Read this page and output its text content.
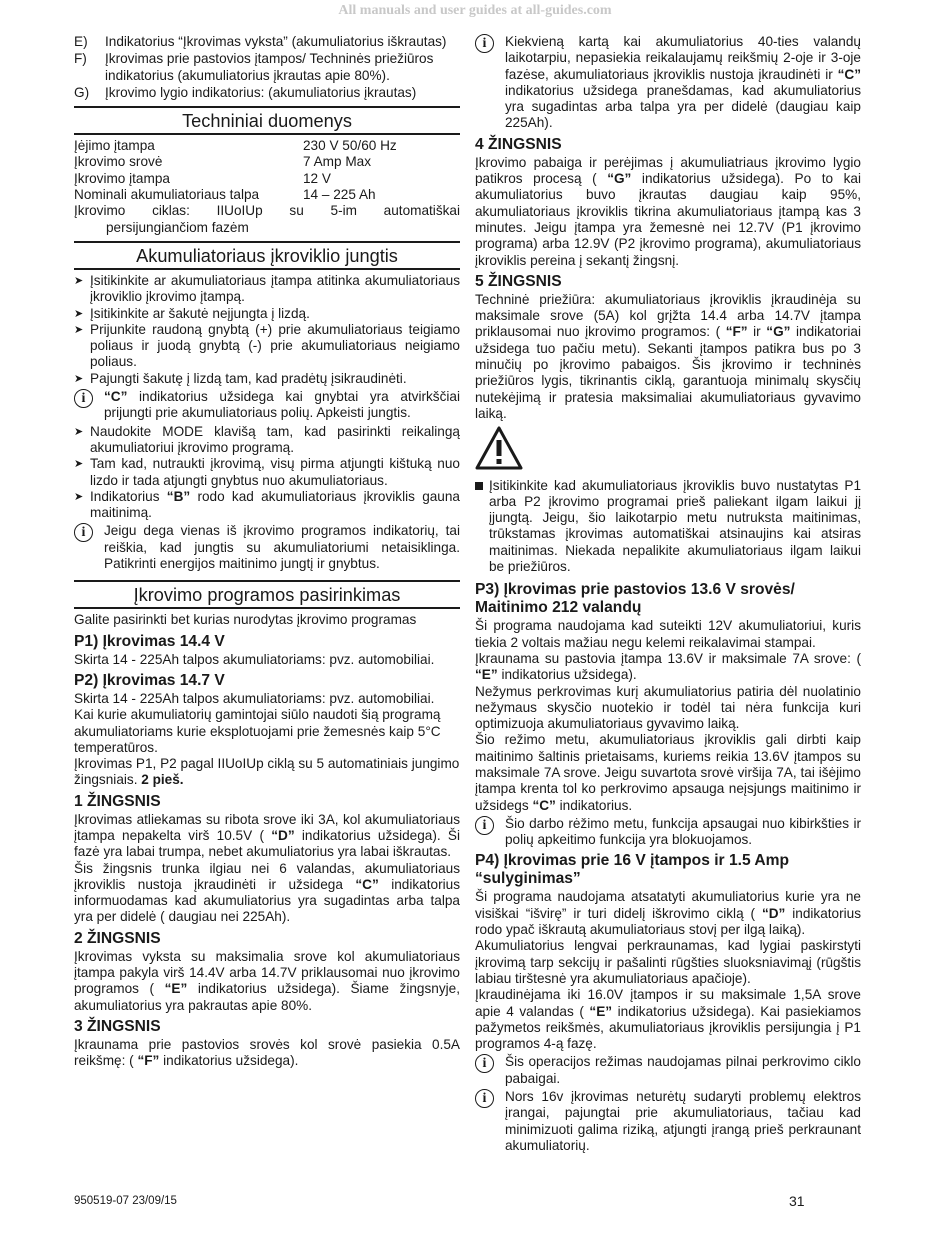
All manuals and user guides at all-guides.com
E)	Indikatorius “Įkrovimas vyksta” (akumuliatorius iškrautas)
F)	Įkrovimas prie pastovios įtampos/ Techninės priežiūros indikatorius (akumuliatorius įkrautas apie 80%).
G)	Įkrovimo lygio indikatorius: (akumuliatorius įkrautas)
Techniniai duomenys
Įėjimo įtampa	230 V 50/60 Hz
Įkrovimo srovė	7 Amp Max
Įkrovimo įtampa	12 V
Nominali akumuliatoriaus talpa	14 – 225 Ah

Įkrovimo ciklas: IIUoIUp su 5-im automatiškai

persijungiančiom fazėm

Akumuliatoriaus įkroviklio jungtis
➤ Įsitikinkite ar akumuliatoriaus įtampa atitinka akumuliatoriaus įkroviklio įkrovimo įtampą.
➤ Įsitikinkite ar šakutė neįjungta į lizdą.
➤ Prijunkite raudoną gnybtą (+) prie akumuliatoriaus teigiamo poliaus ir juodą gnybtą (-) prie akumuliatoriaus neigiamo poliaus.
➤ Pajungti šakutę į lizdą tam, kad pradėtų įsikraudinėti.
i	“C” indikatorius užsidega kai gnybtai yra atvirkščiai prijungti prie akumuliatoriaus polių. Apkeisti jungtis.
➤ Naudokite MODE klavišą tam, kad pasirinkti reikalingą akumuliatoriui įkrovimo programą.
➤ Tam kad, nutraukti įkrovimą, visų pirma atjungti kištuką nuo lizdo ir tada atjungti gnybtus nuo akumuliatoriaus.
➤ Indikatorius “B” rodo kad akumuliatoriaus įkroviklis gauna maitinimą.
i	Jeigu dega vienas iš įkrovimo programos indikatorių, tai reiškia, kad jungtis su akumuliatoriumi netaisiklinga. Patikrinti energijos maitinimo jungtį ir gnybtus.
Įkrovimo programos pasirinkimas

Galite pasirinkti bet kurias nurodytas įkrovimo programas

P1) Įkrovimas 14.4 V

Skirta 14 - 225Ah talpos akumuliatoriams: pvz. automobiliai.

P2) Įkrovimas 14.7 V

Skirta 14 - 225Ah talpos akumuliatoriams: pvz. automobiliai.

Kai kurie akumuliatorių gamintojai siūlo naudoti šią programą akumuliatoriams kurie eksplotuojami prie žemesnės kaip 5°C temperatūros.

Įkrovimas P1, P2 pagal IIUoIUp ciklą su 5 automatiniais jungimo žingsniais. 2 pieš.

1 ŽINGSNIS

Įkrovimas atliekamas su ribota srove iki 3A, kol akumuliatoriaus įtampa nepakelta virš 10.5V ( “D” indikatorius užsidega). Ši fazė yra labai trumpa, nebet akumuliatorius yra labai iškrautas.

Šis žingsnis trunka ilgiau nei 6 valandas, akumuliatoriaus įkroviklis nustoja įkraudinėti ir užsidega “C” indikatorius informuodamas kad akumuliatorius yra sugadintas arba talpa yra per didelė ( daugiau nei 225Ah).

2 ŽINGSNIS

Įkrovimas vyksta su maksimalia srove kol akumuliatoriaus įtampa pakyla virš 14.4V arba 14.7V priklausomai nuo įkrovimo programos ( “E” indikatorius užsidega). Šiame žingsnyje, akumuliatorius yra pakrautas apie 80%.

3 ŽINGSNIS

Įkraunama prie pastovios srovės kol srovė pasiekia 0.5A reikšmę: ( “F” indikatorius užsidega).

i	Kiekvieną kartą kai akumuliatorius 40-ties valandų laikotarpiu, nepasiekia reikalaujamų reikšmių 2-oje ir 3-oje fazėse, akumuliatoriaus įkroviklis nustoja įkraudinėti ir “C” indikatorius užsidega pranešdamas, kad akumuliatorius yra sugadintas arba talpa yra per didelė (daugiau kaip 225Ah).
4 ŽINGSNIS

Įkrovimo pabaiga ir perėjimas į akumuliatriaus įkrovimo lygio patikros procesą ( “G” indikatorius užsidega). Po to kai akumuliatorius buvo įkrautas daugiau kaip 95%, akumuliatoriaus įkroviklis tikrina akumuliatoriaus įtampą kas 3 minutes. Jeigu įtampa yra žemesnė nei 12.7V (P1 įkrovimo programa) arba 12.9V (P2 įkrovimo programa), akumuliatoriaus įkroviklis pereina į sekantį žingsnį.

5 ŽINGSNIS

Techninė priežiūra: akumuliatoriaus įkroviklis įkraudinėja su maksimale srove (5A) kol grįžta 14.4 arba 14.7V įtampa priklausomai nuo įkrovimo programos: ( “F” ir “G” indikatoriai užsidega tuo pačiu metu). Sekanti įtampos patikra bus po 3 minučių po įkrovimo pabaigos. Šis įkrovimo ir techninės priežiūros lygis, tikrinantis ciklą, garantuoja minimalų skysčių nutekėjimą ir pratesia maksimaliai akumuliatoriaus gyvavimo laiką.

Įsitikinkite kad akumuliatoriaus įkroviklis buvo nustatytas P1 arba P2 įkrovimo programai prieš paliekant ilgam laikui jį įjungtą. Jeigu, šio laikotarpio metu nutruksta maitinimas, trūkstamas įkrovimas automatiškai atsinaujins kai atsiras maitinimas. Niekada nepalikite akumuliatoriaus ilgam laikui be priežiūros.
P3) Įkrovimas prie pastovios 13.6 V srovės/ Maitinimo 212 valandų

Ši programa naudojama kad suteikti 12V akumuliatoriui, kuris tiekia 2 voltais mažiau negu kelemi reikalavimai stampai.

Įkraunama su pastovia įtampa 13.6V ir maksimale 7A srove: ( “E” indikatorius užsidega).

Nežymus perkrovimas kurį akumuliatorius patiria dėl nuolatinio nežymaus skysčio nuotekio ir todėl tai nėra funkcija kuri optimizuoja akumuliatoriaus gyvavimo laiką.

Šio režimo metu, akumuliatoriaus įkroviklis gali dirbti kaip maitinimo šaltinis prietaisams, kuriems reikia 13.6V įtampos su maksimale 7A srove. Jeigu suvartota srovė viršija 7A, tai išėjimo įtampa krenta tol ko perkrovimo apsauga neįsjungs maitinimo ir užsidegs “C” indikatorius.

i	Šio darbo rėžimo metu, funkcija apsaugai nuo kibirkšties ir polių apkeitimo funkcija yra blokuojamos.
P4) Įkrovimas prie 16 V įtampos ir 1.5 Amp “sulyginimas”

Ši programa naudojama atsatatyti akumuliatorius kurie yra ne visiškai “išvirę” ir turi didelį iškrovimo ciklą ( “D” indikatorius rodo ypač iškrautą akumuliatoriaus stovį per ilgą laiką).

Akumuliatorius lengvai perkraunamas, kad lygiai paskirstyti įkrovimą tarp sekcijų ir pašalinti rūgšties sluoksniavimąį (rūgštis labiau tirštesnė yra akumuliatoriaus apačioje).

Įkraudinėjama iki 16.0V įtampos ir su maksimale 1,5A srove apie 4 valandas ( “E” indikatorius užsidega). Kai pasiekiamos pažymetos reikšmės, akumuliatoriaus įkroviklis persijungia į P1 programos 4-ą fazę.

i	Šis operacijos režimas naudojamas pilnai perkrovimo ciklo pabaigai.
i	Nors 16v įkrovimas neturėtų sudaryti problemų elektros įrangai, pajungtai prie akumuliatoriaus, tačiau kad minimizuoti galima riziką, atjungti įrangą prieš perkraunant akumuliatorių.
950519-07 23/09/15	31
